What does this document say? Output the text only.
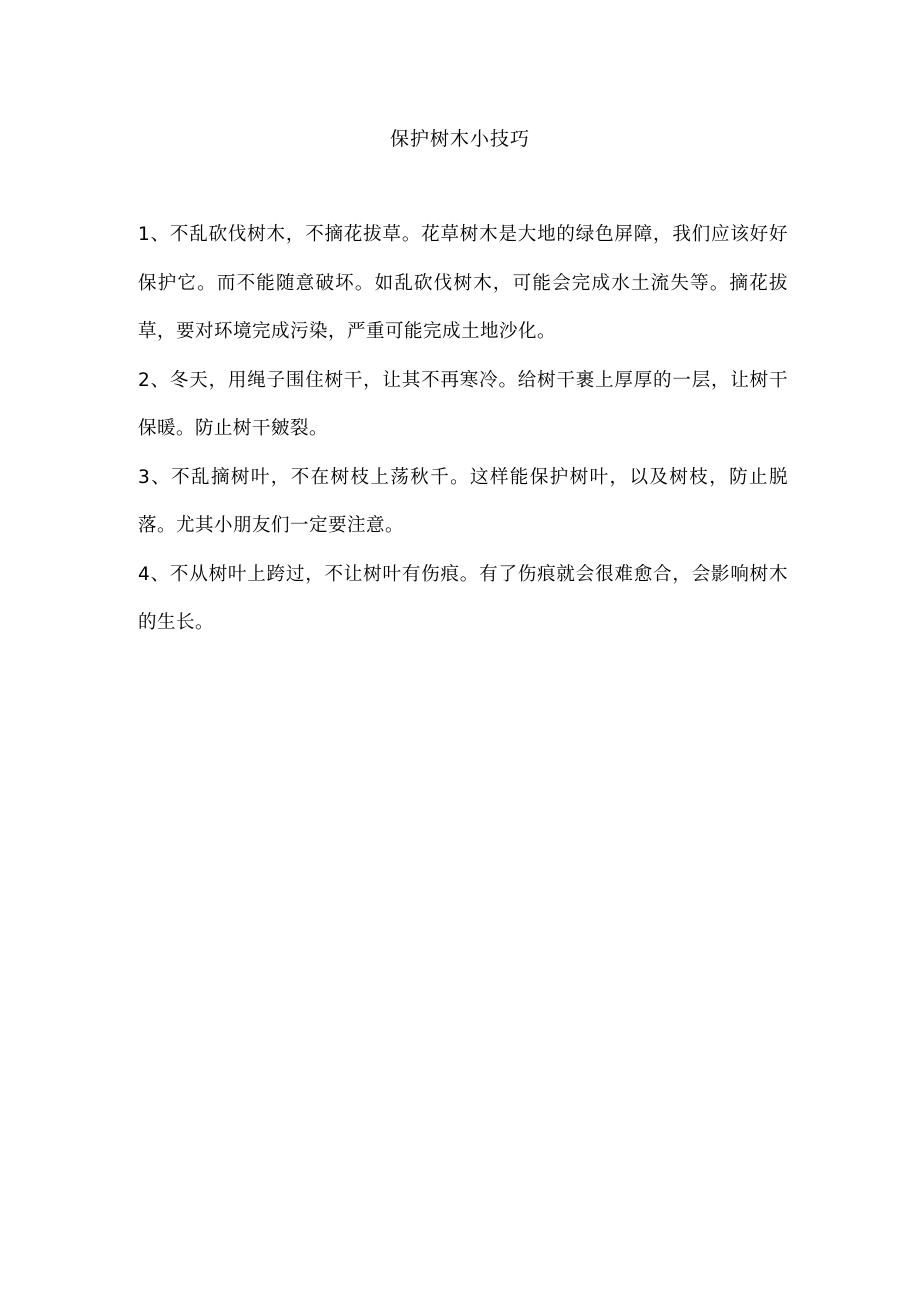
保护树木小技巧

1、不乱砍伐树木，不摘花拔草。花草树木是大地的绿色屏障，我们应该好好保护它。而不能随意破坏。如乱砍伐树木，可能会完成水土流失等。摘花拔草，要对环境完成污染，严重可能完成土地沙化。

2、冬天，用绳子围住树干，让其不再寒冷。给树干裹上厚厚的一层，让树干保暖。防止树干皴裂。

3、不乱摘树叶，不在树枝上荡秋千。这样能保护树叶，以及树枝，防止脱落。尤其小朋友们一定要注意。

4、不从树叶上跨过，不让树叶有伤痕。有了伤痕就会很难愈合，会影响树木的生长。
